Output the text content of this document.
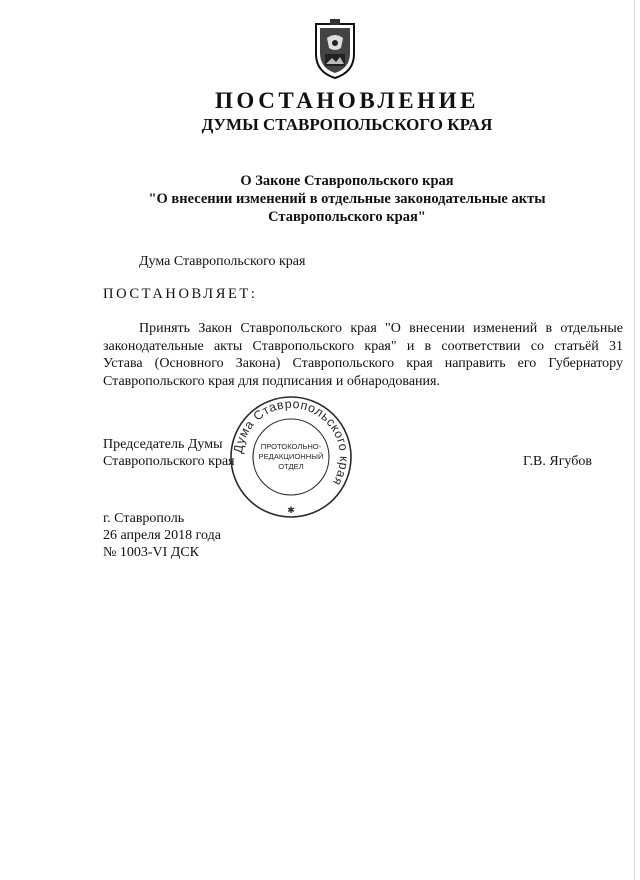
ПОСТАНОВЛЕНИЕ
ДУМЫ СТАВРОПОЛЬСКОГО КРАЯ
О Законе Ставропольского края
"О внесении изменений в отдельные законодательные акты
Ставропольского края"
Дума Ставропольского края
ПОСТАНОВЛЯЕТ:
Принять Закон Ставропольского края "О внесении изменений в отдельные
законодательные акты Ставропольского края" и в соответствии со статьёй 31
Устава (Основного Закона) Ставропольского края направить его Губернатору
Ставропольского края для подписания и обнародования.
Председатель Думы
Ставропольского края	Г.В. Ягубов
Дума Ставропольского края
ПРОТОКОЛЬНО-
РЕДАКЦИОННЫЙ
ОТДЕЛ
✱
г. Ставрополь
26 апреля 2018 года
№ 1003-VI ДСК
